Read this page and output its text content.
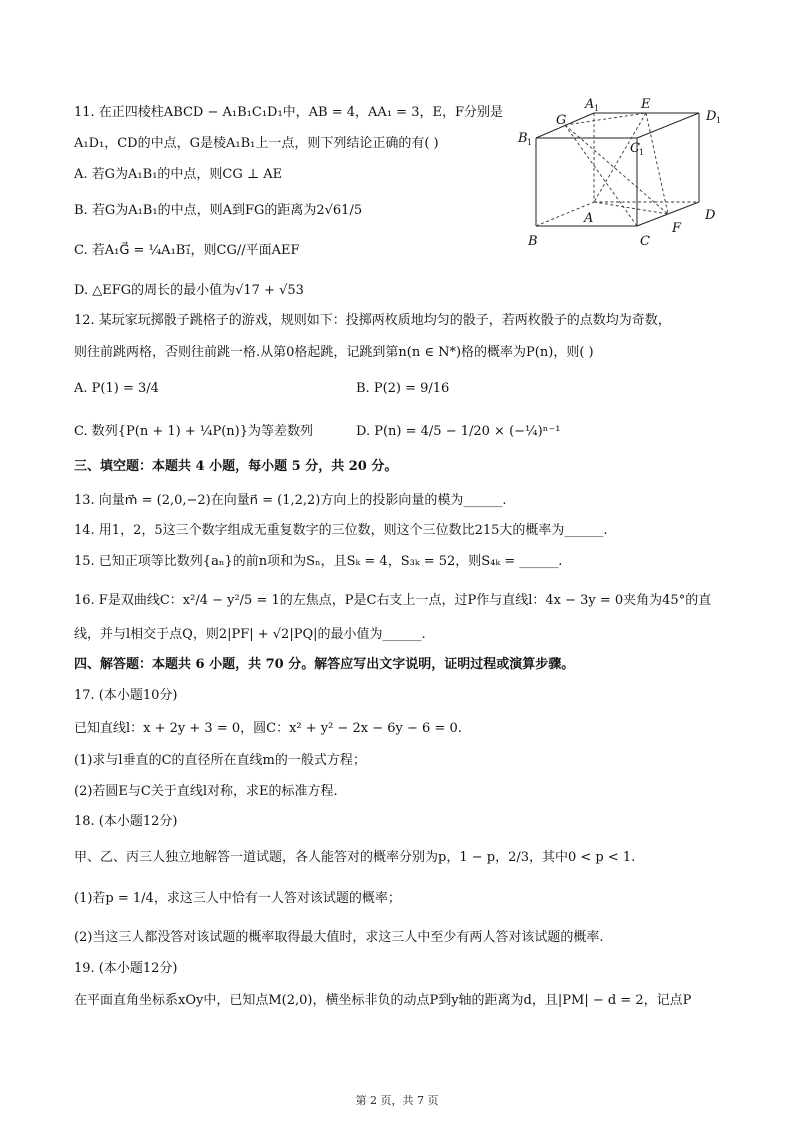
11. 在正四棱柱ABCD − A₁B₁C₁D₁中，AB = 4，AA₁ = 3，E，F分别是
A₁D₁，CD的中点，G是棱A₁B₁上一点，则下列结论正确的有( )
A. 若G为A₁B₁的中点，则CG ⊥ AE
B. 若G为A₁B₁的中点，则A到FG的距离为2√61/5
C. 若A₁G⃗ = ¼A₁B₁⃗，则CG//平面AEF
D. △EFG的周长的最小值为√17 + √53
G
A 1	E
D 1
B 1	C 1
D
A
B	C
F
12. 某玩家玩掷骰子跳格子的游戏，规则如下：投掷两枚质地均匀的骰子，若两枚骰子的点数均为奇数，
则往前跳两格，否则往前跳一格.从第0格起跳，记跳到第n(n ∈ N*)格的概率为P(n)，则( )
A. P(1) = 3/4	B. P(2) = 9/16
C. 数列{P(n + 1) + ¼P(n)}为等差数列	D. P(n) = 4/5 − 1/20 × (−¼)ⁿ⁻¹
三、填空题：本题共 4 小题，每小题 5 分，共 20 分。
13. 向量m⃗ = (2,0,−2)在向量n⃗ = (1,2,2)方向上的投影向量的模为______.
14. 用1，2，5这三个数字组成无重复数字的三位数，则这个三位数比215大的概率为______.
15. 已知正项等比数列{aₙ}的前n项和为Sₙ，且Sₖ = 4，S₃ₖ = 52，则S₄ₖ = ______.
16. F是双曲线C：x²/4 − y²/5 = 1的左焦点，P是C右支上一点，过P作与直线l：4x − 3y = 0夹角为45°的直
线，并与l相交于点Q，则2|PF| + √2|PQ|的最小值为______.
四、解答题：本题共 6 小题，共 70 分。解答应写出文字说明，证明过程或演算步骤。
17. (本小题10分)
已知直线l：x + 2y + 3 = 0，圆C：x² + y² − 2x − 6y − 6 = 0.
(1)求与l垂直的C的直径所在直线m的一般式方程；
(2)若圆E与C关于直线l对称，求E的标准方程.
18. (本小题12分)
甲、乙、丙三人独立地解答一道试题，各人能答对的概率分别为p，1 − p，2/3，其中0 < p < 1.
(1)若p = 1/4，求这三人中恰有一人答对该试题的概率；
(2)当这三人都没答对该试题的概率取得最大值时，求这三人中至少有两人答对该试题的概率.
19. (本小题12分)
在平面直角坐标系xOy中，已知点M(2,0)，横坐标非负的动点P到y轴的距离为d，且|PM| − d = 2，记点P
第 2 页，共 7 页
